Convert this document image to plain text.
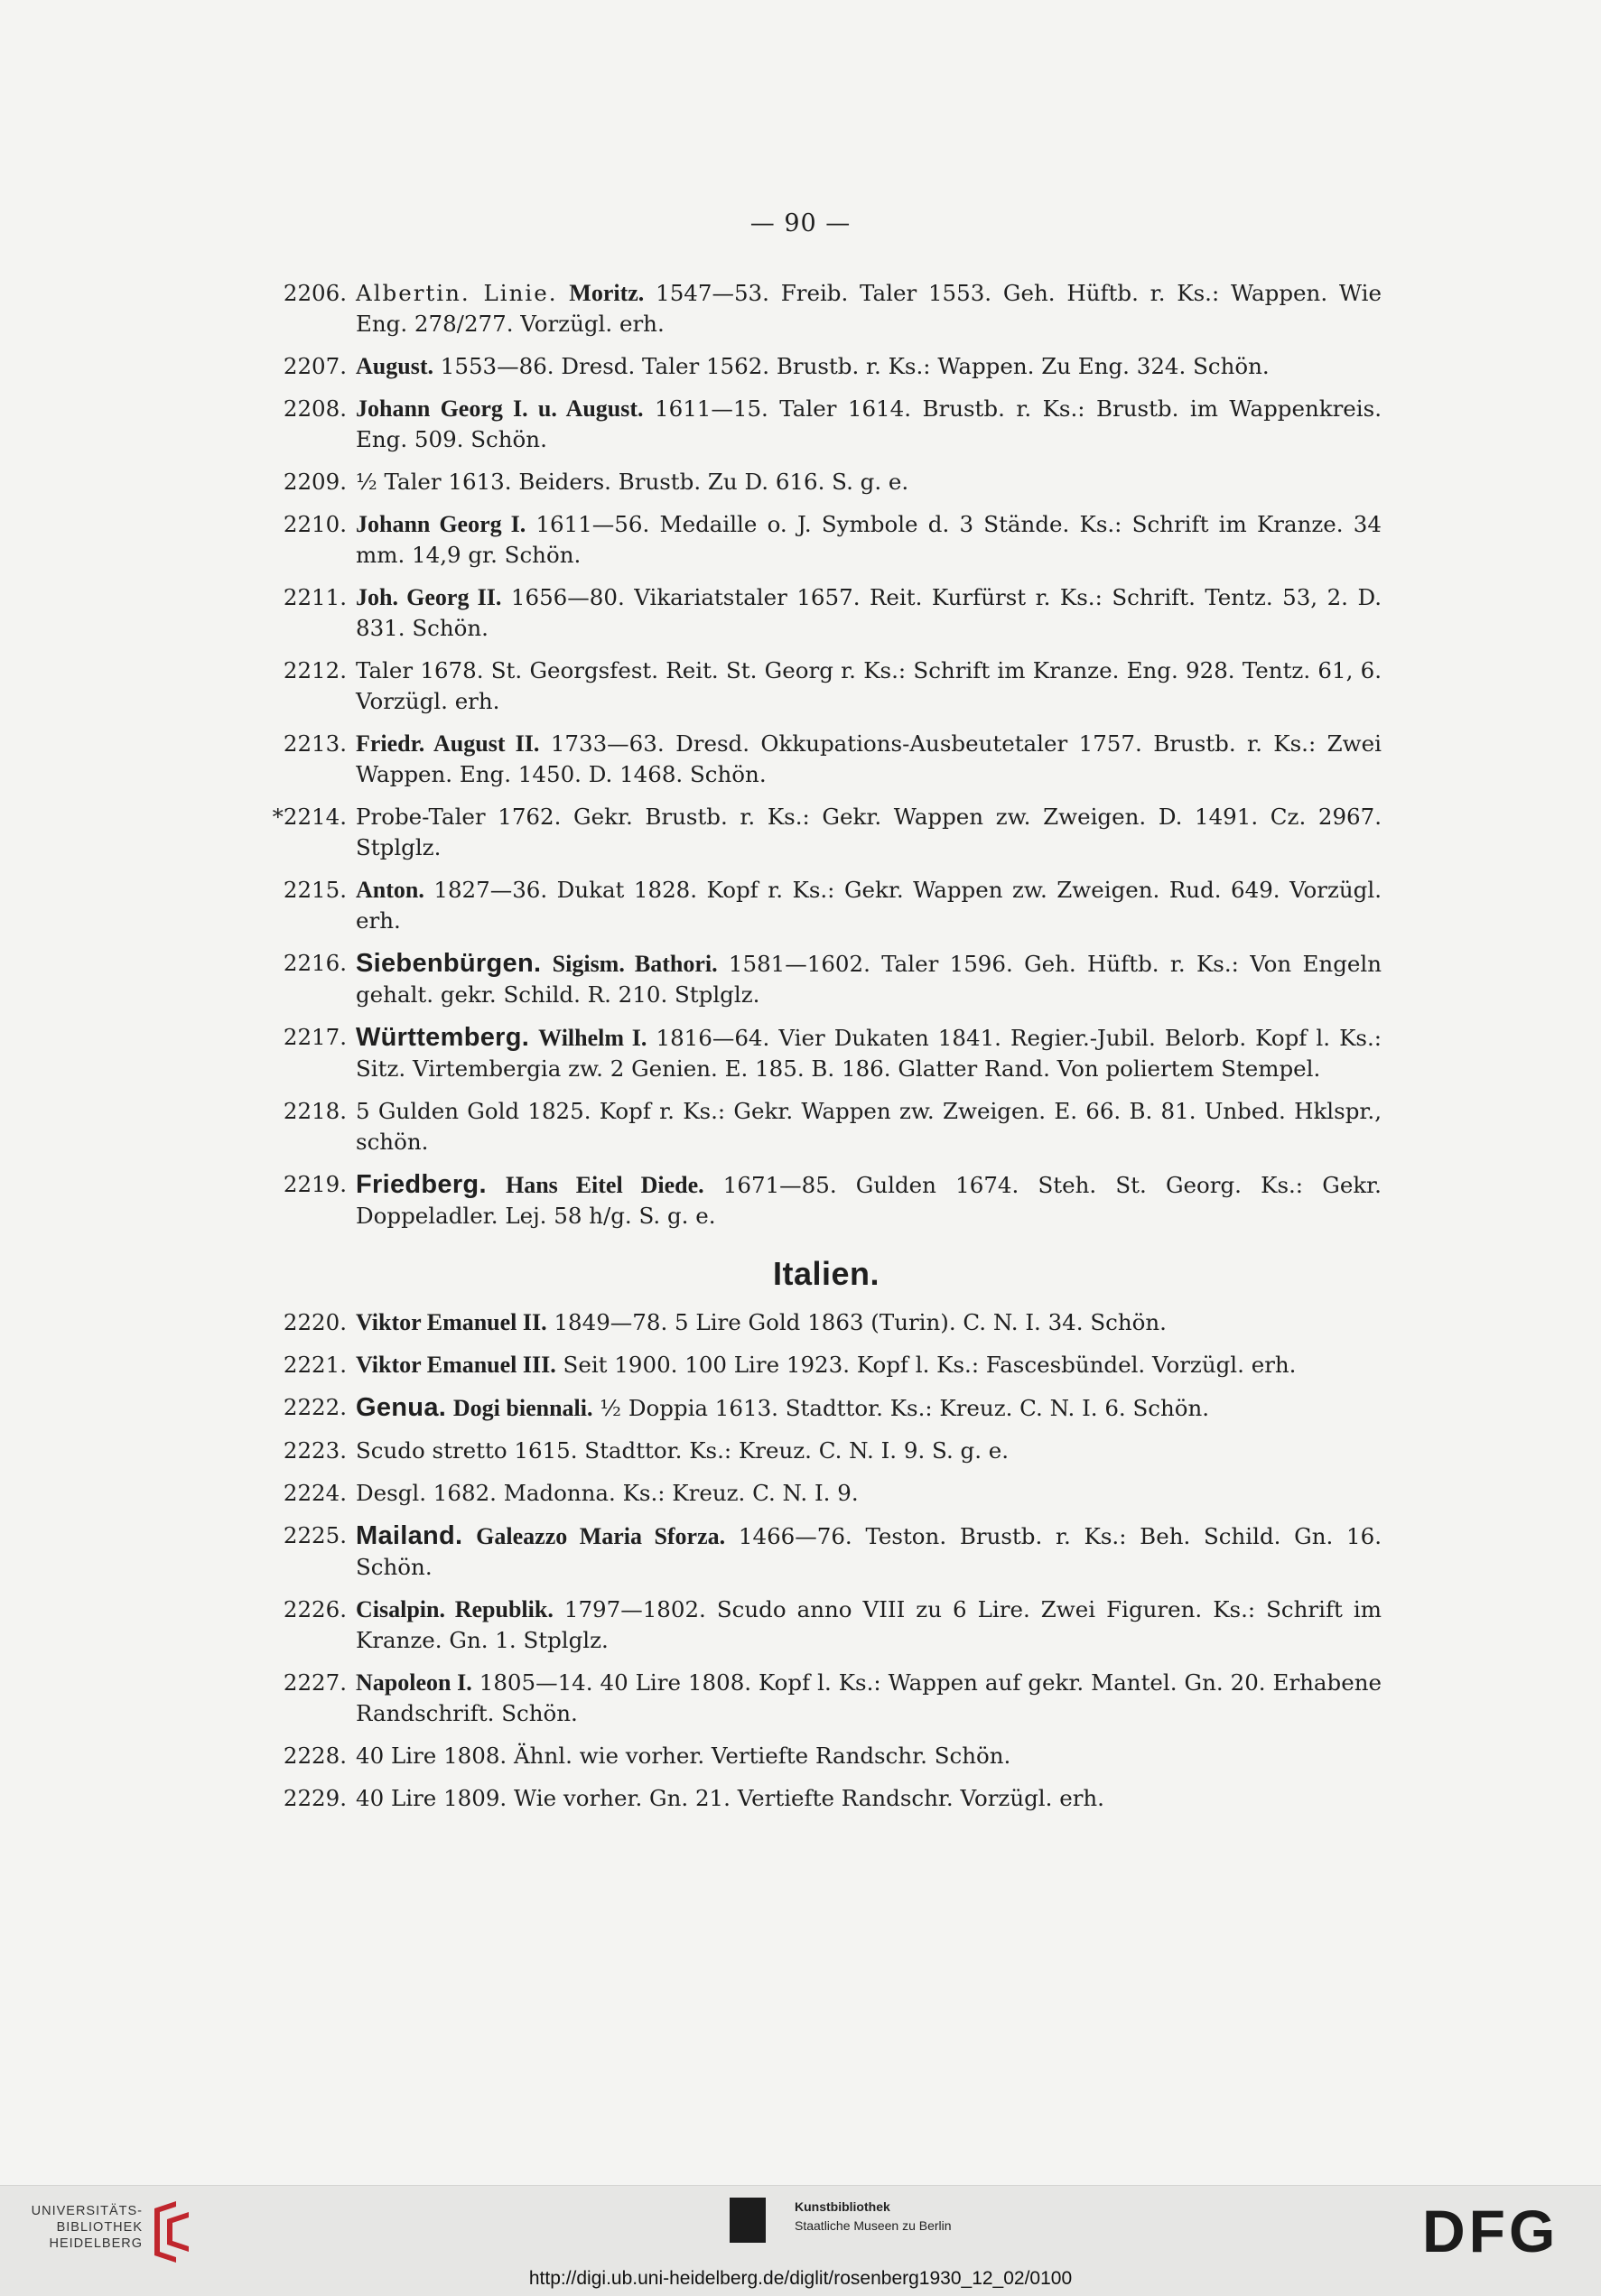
— 90 —
2206. Albertin. Linie. Moritz. 1547—53. Freib. Taler 1553. Geh. Hüftb. r. Ks.: Wappen. Wie Eng. 278/277. Vorzügl. erh.
2207. August. 1553—86. Dresd. Taler 1562. Brustb. r. Ks.: Wappen. Zu Eng. 324. Schön.
2208. Johann Georg I. u. August. 1611—15. Taler 1614. Brustb. r. Ks.: Brustb. im Wappenkreis. Eng. 509. Schön.
2209. ½ Taler 1613. Beiders. Brustb. Zu D. 616. S. g. e.
2210. Johann Georg I. 1611—56. Medaille o. J. Symbole d. 3 Stände. Ks.: Schrift im Kranze. 34 mm. 14,9 gr. Schön.
2211. Joh. Georg II. 1656—80. Vikariatstaler 1657. Reit. Kurfürst r. Ks.: Schrift. Tentz. 53, 2. D. 831. Schön.
2212. Taler 1678. St. Georgsfest. Reit. St. Georg r. Ks.: Schrift im Kranze. Eng. 928. Tentz. 61, 6. Vorzügl. erh.
2213. Friedr. August II. 1733—63. Dresd. Okkupations-Ausbeutetaler 1757. Brustb. r. Ks.: Zwei Wappen. Eng. 1450. D. 1468. Schön.
*2214. Probe-Taler 1762. Gekr. Brustb. r. Ks.: Gekr. Wappen zw. Zweigen. D. 1491. Cz. 2967. Stplglz.
2215. Anton. 1827—36. Dukat 1828. Kopf r. Ks.: Gekr. Wappen zw. Zweigen. Rud. 649. Vorzügl. erh.
2216. Siebenbürgen. Sigism. Bathori. 1581—1602. Taler 1596. Geh. Hüftb. r. Ks.: Von Engeln gehalt. gekr. Schild. R. 210. Stplglz.
2217. Württemberg. Wilhelm I. 1816—64. Vier Dukaten 1841. Regier.-Jubil. Belorb. Kopf l. Ks.: Sitz. Virtembergia zw. 2 Genien. E. 185. B. 186. Glatter Rand. Von poliertem Stempel.
2218. 5 Gulden Gold 1825. Kopf r. Ks.: Gekr. Wappen zw. Zweigen. E. 66. B. 81. Unbed. Hklspr., schön.
2219. Friedberg. Hans Eitel Diede. 1671—85. Gulden 1674. Steh. St. Georg. Ks.: Gekr. Doppeladler. Lej. 58 h/g. S. g. e.
Italien.
2220. Viktor Emanuel II. 1849—78. 5 Lire Gold 1863 (Turin). C. N. I. 34. Schön.
2221. Viktor Emanuel III. Seit 1900. 100 Lire 1923. Kopf l. Ks.: Fascesbündel. Vorzügl. erh.
2222. Genua. Dogi biennali. ½ Doppia 1613. Stadttor. Ks.: Kreuz. C. N. I. 6. Schön.
2223. Scudo stretto 1615. Stadttor. Ks.: Kreuz. C. N. I. 9. S. g. e.
2224. Desgl. 1682. Madonna. Ks.: Kreuz. C. N. I. 9.
2225. Mailand. Galeazzo Maria Sforza. 1466—76. Teston. Brustb. r. Ks.: Beh. Schild. Gn. 16. Schön.
2226. Cisalpin. Republik. 1797—1802. Scudo anno VIII zu 6 Lire. Zwei Figuren. Ks.: Schrift im Kranze. Gn. 1. Stplglz.
2227. Napoleon I. 1805—14. 40 Lire 1808. Kopf l. Ks.: Wappen auf gekr. Mantel. Gn. 20. Erhabene Randschrift. Schön.
2228. 40 Lire 1808. Ähnl. wie vorher. Vertiefte Randschr. Schön.
2229. 40 Lire 1809. Wie vorher. Gn. 21. Vertiefte Randschr. Vorzügl. erh.
UNIVERSITÄTS-
BIBLIOTHEK
HEIDELBERG
Kunstbibliothek
Staatliche Museen zu Berlin	DFG
http://digi.ub.uni-heidelberg.de/diglit/rosenberg1930_12_02/0100
